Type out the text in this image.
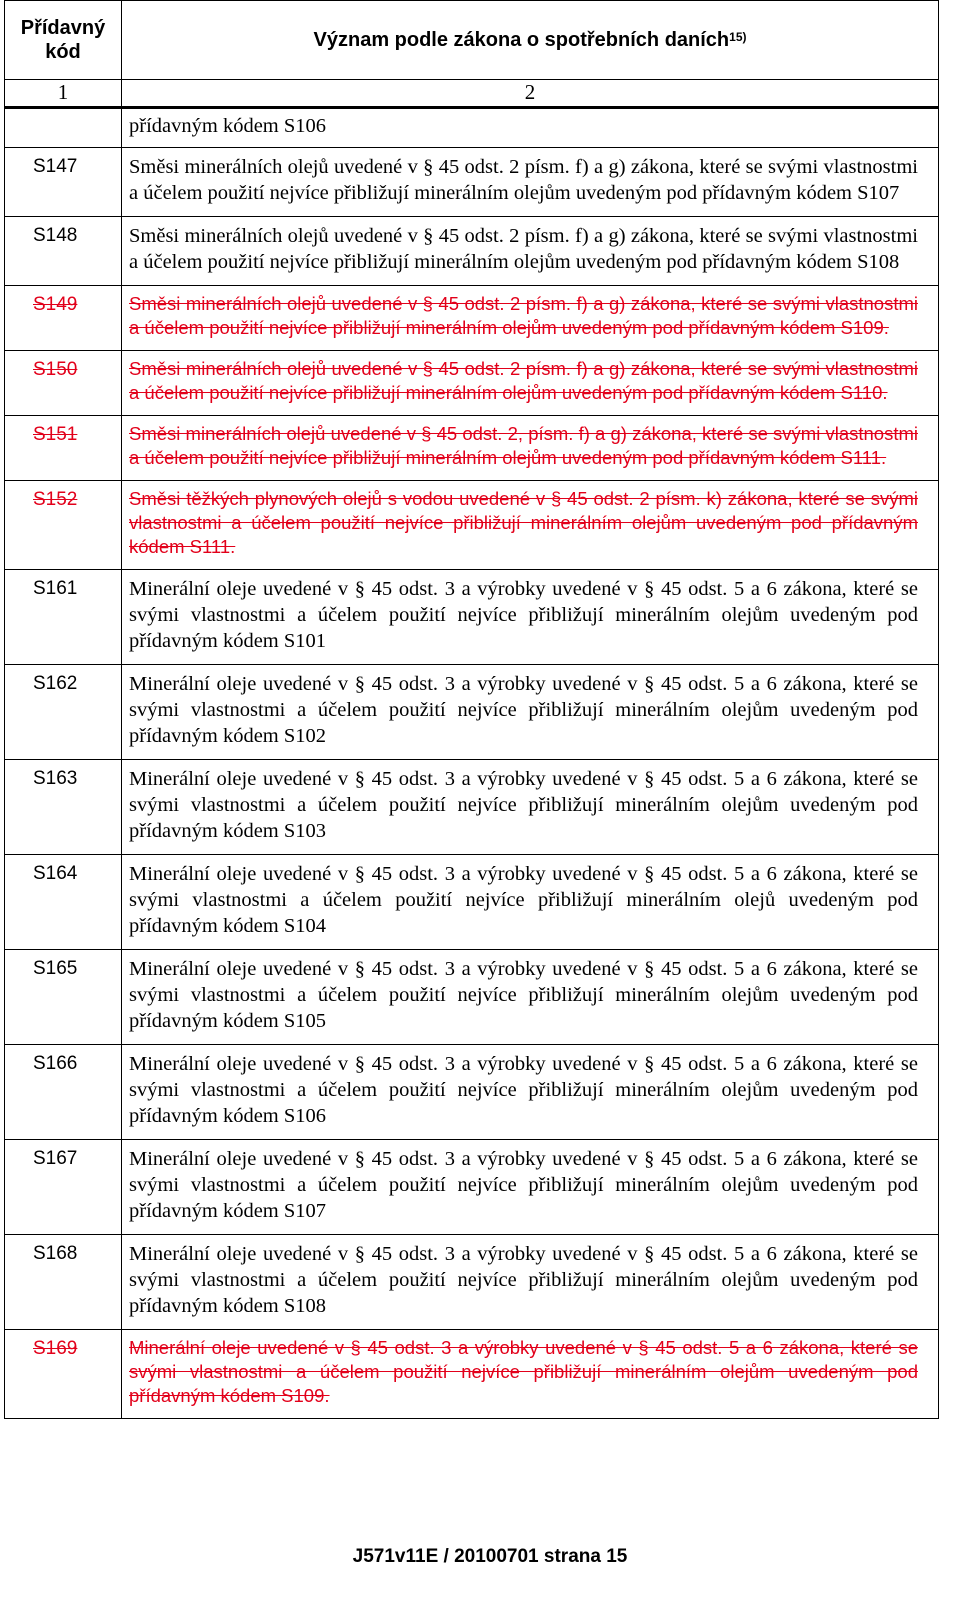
Přídavný kód	Význam podle zákona o spotřebních daních$^{15)}$
1	2
	přídavným kódem S106
S147	Směsi minerálních olejů uvedené v § 45 odst. 2 písm. f) a g) zákona, které se svými vlastnostmi a účelem použití nejvíce přibližují minerálním olejům uvedeným pod přídavným kódem S107
S148	Směsi minerálních olejů uvedené v § 45 odst. 2 písm. f) a g) zákona, které se svými vlastnostmi a účelem použití nejvíce přibližují minerálním olejům uvedeným pod přídavným kódem S108
S149	Směsi minerálních olejů uvedené v § 45 odst. 2 písm. f) a g) zákona, které se svými vlastnostmi a účelem použití nejvíce přibližují minerálním olejům uvedeným pod přídavným kódem S109.
S150	Směsi minerálních olejů uvedené v § 45 odst. 2 písm. f) a g) zákona, které se svými vlastnostmi a účelem použití nejvíce přibližují minerálním olejům uvedeným pod přídavným kódem S110.
S151	Směsi minerálních olejů uvedené v § 45 odst. 2, písm. f) a g) zákona, které se svými vlastnostmi a účelem použití nejvíce přibližují minerálním olejům uvedeným pod přídavným kódem S111.
S152	Směsi těžkých plynových olejů s vodou uvedené v § 45 odst. 2 písm. k) zákona, které se svými vlastnostmi a účelem použití nejvíce přibližují minerálním olejům uvedeným pod přídavným kódem S111.
S161	Minerální oleje uvedené v § 45 odst. 3 a výrobky uvedené v § 45 odst. 5 a 6 zákona, které se svými vlastnostmi a účelem použití nejvíce přibližují minerálním olejům uvedeným pod přídavným kódem S101
S162	Minerální oleje uvedené v § 45 odst. 3 a výrobky uvedené v § 45 odst. 5 a 6 zákona, které se svými vlastnostmi a účelem použití nejvíce přibližují minerálním olejům uvedeným pod přídavným kódem S102
S163	Minerální oleje uvedené v § 45 odst. 3 a výrobky uvedené v § 45 odst. 5 a 6 zákona, které se svými vlastnostmi a účelem použití nejvíce přibližují minerálním olejům uvedeným pod přídavným kódem S103
S164	Minerální oleje uvedené v § 45 odst. 3 a výrobky uvedené v § 45 odst. 5 a 6 zákona, které se svými vlastnostmi a účelem použití nejvíce přibližují minerálním olejů uvedeným pod přídavným kódem S104
S165	Minerální oleje uvedené v § 45 odst. 3 a výrobky uvedené v § 45 odst. 5 a 6 zákona, které se svými vlastnostmi a účelem použití nejvíce přibližují minerálním olejům uvedeným pod přídavným kódem S105
S166	Minerální oleje uvedené v § 45 odst. 3 a výrobky uvedené v § 45 odst. 5 a 6 zákona, které se svými vlastnostmi a účelem použití nejvíce přibližují minerálním olejům uvedeným pod přídavným kódem S106
S167	Minerální oleje uvedené v § 45 odst. 3 a výrobky uvedené v § 45 odst. 5 a 6 zákona, které se svými vlastnostmi a účelem použití nejvíce přibližují minerálním olejům uvedeným pod přídavným kódem S107
S168	Minerální oleje uvedené v § 45 odst. 3 a výrobky uvedené v § 45 odst. 5 a 6 zákona, které se svými vlastnostmi a účelem použití nejvíce přibližují minerálním olejům uvedeným pod přídavným kódem S108
S169	Minerální oleje uvedené v § 45 odst. 3 a výrobky uvedené v § 45 odst. 5 a 6 zákona, které se svými vlastnostmi a účelem použití nejvíce přibližují minerálním olejům uvedeným pod přídavným kódem S109.
J571v11E / 20100701 strana 15
